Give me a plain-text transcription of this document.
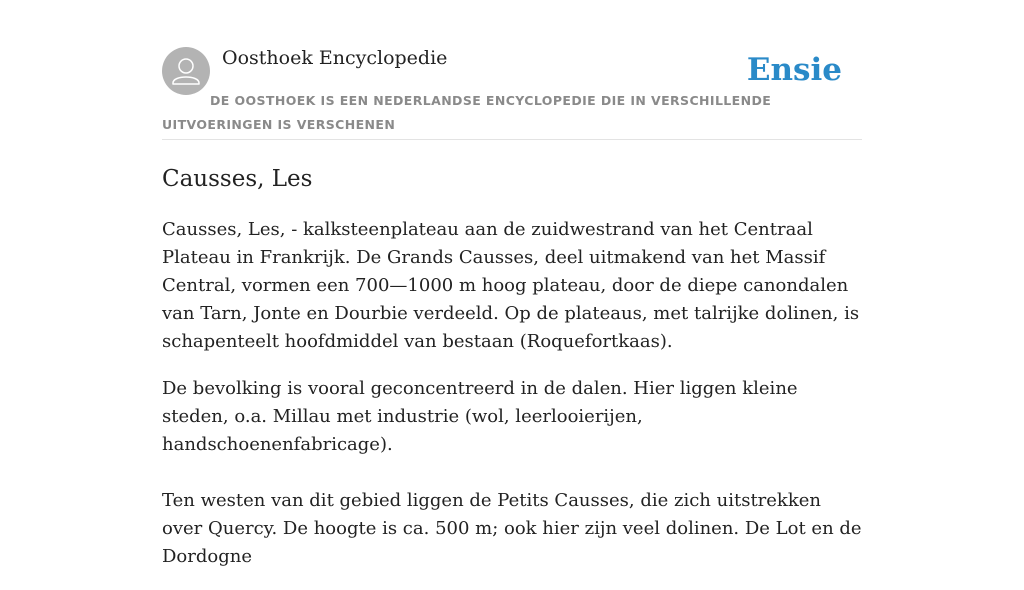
Oosthoek Encyclopedie	Ensie
DE OOSTHOEK IS EEN NEDERLANDSE ENCYCLOPEDIE DIE IN VERSCHILLENDE UITVOERINGEN IS VERSCHENEN
Causses, Les

Causses, Les, - kalksteenplateau aan de zuidwestrand van het Centraal Plateau in Frankrijk. De Grands Causses, deel uitmakend van het Massif Central, vormen een 700—1000 m hoog plateau, door de diepe canondalen van Tarn, Jonte en Dourbie verdeeld. Op de plateaus, met talrijke dolinen, is schapenteelt hoofdmiddel van bestaan (Roquefortkaas).

De bevolking is vooral geconcentreerd in de dalen. Hier liggen kleine steden, o.a. Millau met industrie (wol, leerlooierijen, handschoenenfabricage).

Ten westen van dit gebied liggen de Petits Causses, die zich uitstrekken over Quercy. De hoogte is ca. 500 m; ook hier zijn veel dolinen. De Lot en de Dordogne
